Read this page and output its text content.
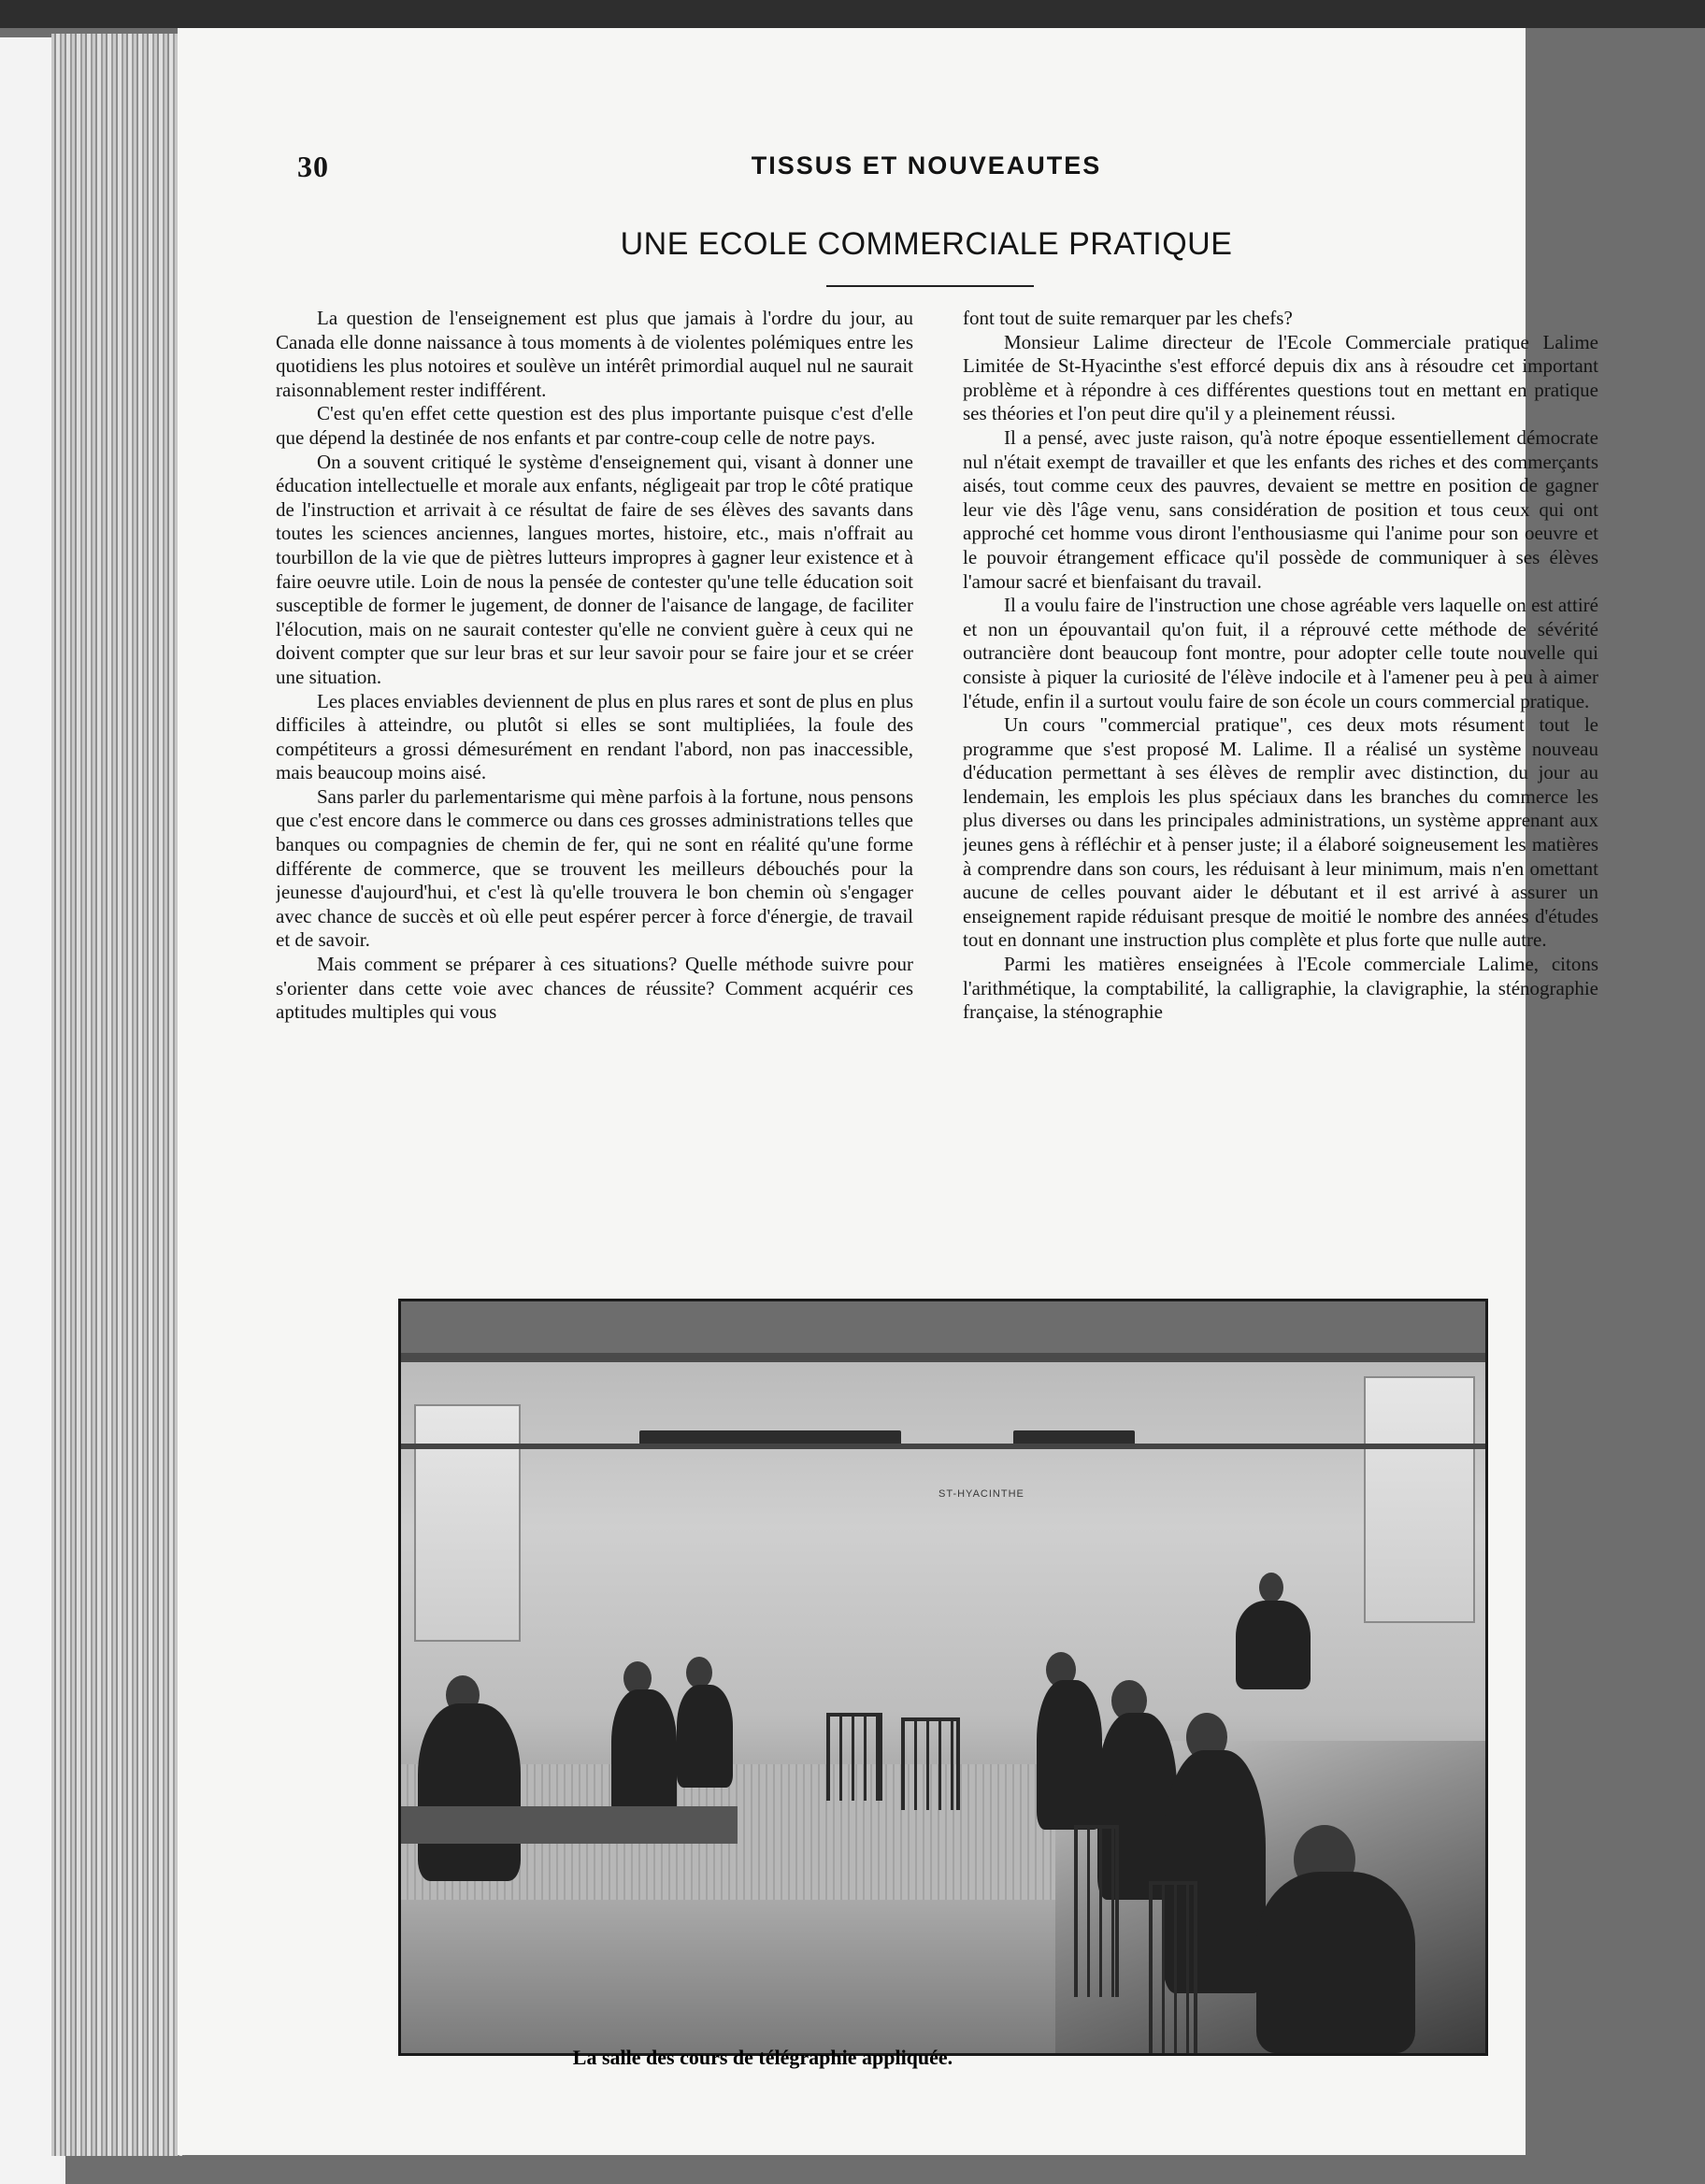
30	TISSUS ET NOUVEAUTES
UNE ECOLE COMMERCIALE PRATIQUE

La question de l'enseignement est plus que jamais à l'ordre du jour, au Canada elle donne naissance à tous moments à de violentes polémiques entre les quotidiens les plus notoires et soulève un intérêt primordial auquel nul ne saurait raisonnablement rester indifférent.

C'est qu'en effet cette question est des plus importante puisque c'est d'elle que dépend la destinée de nos enfants et par contre-coup celle de notre pays.

On a souvent critiqué le système d'enseignement qui, visant à donner une éducation intellectuelle et morale aux enfants, négligeait par trop le côté pratique de l'instruction et arrivait à ce résultat de faire de ses élèves des savants dans toutes les sciences anciennes, langues mortes, histoire, etc., mais n'offrait au tourbillon de la vie que de piètres lutteurs impropres à gagner leur existence et à faire oeuvre utile. Loin de nous la pensée de contester qu'une telle éducation soit susceptible de former le jugement, de donner de l'aisance de langage, de faciliter l'élocution, mais on ne saurait contester qu'elle ne convient guère à ceux qui ne doivent compter que sur leur bras et sur leur savoir pour se faire jour et se créer une situation.

Les places enviables deviennent de plus en plus rares et sont de plus en plus difficiles à atteindre, ou plutôt si elles se sont multipliées, la foule des compétiteurs a grossi démesurément en rendant l'abord, non pas inaccessible, mais beaucoup moins aisé.

Sans parler du parlementarisme qui mène parfois à la fortune, nous pensons que c'est encore dans le commerce ou dans ces grosses administrations telles que banques ou compagnies de chemin de fer, qui ne sont en réalité qu'une forme différente de commerce, que se trouvent les meilleurs débouchés pour la jeunesse d'aujourd'hui, et c'est là qu'elle trouvera le bon chemin où s'engager avec chance de succès et où elle peut espérer percer à force d'énergie, de travail et de savoir.

Mais comment se préparer à ces situations? Quelle méthode suivre pour s'orienter dans cette voie avec chances de réussite? Comment acquérir ces aptitudes multiples qui vous

font tout de suite remarquer par les chefs?

Monsieur Lalime directeur de l'Ecole Commerciale pratique Lalime Limitée de St-Hyacinthe s'est efforcé depuis dix ans à résoudre cet important problème et à répondre à ces différentes questions tout en mettant en pratique ses théories et l'on peut dire qu'il y a pleinement réussi.

Il a pensé, avec juste raison, qu'à notre époque essentiellement démocrate nul n'était exempt de travailler et que les enfants des riches et des commerçants aisés, tout comme ceux des pauvres, devaient se mettre en position de gagner leur vie dès l'âge venu, sans considération de position et tous ceux qui ont approché cet homme vous diront l'enthousiasme qui l'anime pour son oeuvre et le pouvoir étrangement efficace qu'il possède de communiquer à ses élèves l'amour sacré et bienfaisant du travail.

Il a voulu faire de l'instruction une chose agréable vers laquelle on est attiré et non un épouvantail qu'on fuit, il a réprouvé cette méthode de sévérité outrancière dont beaucoup font montre, pour adopter celle toute nouvelle qui consiste à piquer la curiosité de l'élève indocile et à l'amener peu à peu à aimer l'étude, enfin il a surtout voulu faire de son école un cours commercial pratique.

Un cours "commercial pratique", ces deux mots résument tout le programme que s'est proposé M. Lalime. Il a réalisé un système nouveau d'éducation permettant à ses élèves de remplir avec distinction, du jour au lendemain, les emplois les plus spéciaux dans les branches du commerce les plus diverses ou dans les principales administrations, un système apprenant aux jeunes gens à réfléchir et à penser juste; il a élaboré soigneusement les matières à comprendre dans son cours, les réduisant à leur minimum, mais n'en omettant aucune de celles pouvant aider le débutant et il est arrivé à assurer un enseignement rapide réduisant presque de moitié le nombre des années d'études tout en donnant une instruction plus complète et plus forte que nulle autre.

Parmi les matières enseignées à l'Ecole commerciale Lalime, citons l'arithmétique, la comptabilité, la calligraphie, la clavigraphie, la sténographie française, la sténographie

ST-HYACINTHE
La salle des cours de télégraphie appliquée.
